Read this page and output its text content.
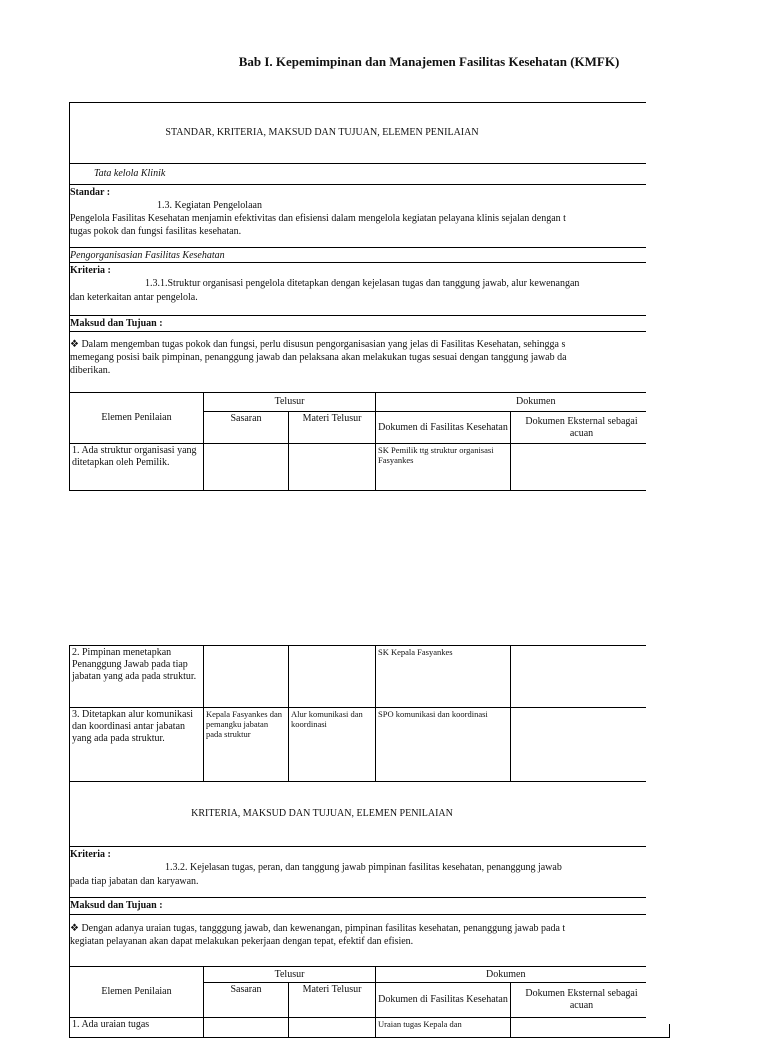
Bab I. Kepemimpinan dan Manajemen Fasilitas Kesehatan (KMFK)
STANDAR, KRITERIA, MAKSUD DAN TUJUAN, ELEMEN PENILAIAN
Tata kelola Klinik
Standar :
1.3. Kegiatan Pengelolaan
Pengelola Fasilitas Kesehatan menjamin efektivitas dan efisiensi dalam mengelola kegiatan pelayana klinis sejalan dengan t
tugas pokok dan fungsi fasilitas kesehatan.
Pengorganisasian Fasilitas Kesehatan
Kriteria :
1.3.1.Struktur organisasi pengelola ditetapkan dengan kejelasan tugas dan tanggung jawab, alur kewenangan
dan keterkaitan antar pengelola.
Maksud dan Tujuan :
❖ Dalam mengemban tugas pokok dan fungsi, perlu disusun pengorganisasian yang jelas di Fasilitas Kesehatan, sehingga s
memegang posisi baik pimpinan, penanggung jawab dan pelaksana akan melakukan tugas sesuai dengan tanggung jawab da
diberikan.
Elemen Penilaian	Telusur		Dokumen	
	Sasaran	Materi Telusur	Dokumen di Fasilitas Kesehatan	Dokumen Eksternal sebagai acuan

1. Ada struktur organisasi yang ditetapkan oleh Pemilik.			SK Pemilik ttg struktur organisasi Fasyankes	
2. Pimpinan menetapkan Penanggung Jawab pada tiap jabatan yang ada pada struktur.			SK Kepala Fasyankes	
3. Ditetapkan alur komunikasi dan koordinasi antar jabatan yang ada pada struktur.	Kepala Fasyankes dan pemangku jabatan pada struktur	Alur komunikasi dan koordinasi	SPO komunikasi dan koordinasi	
KRITERIA, MAKSUD DAN TUJUAN, ELEMEN PENILAIAN
Kriteria :
1.3.2. Kejelasan tugas, peran, dan tanggung jawab pimpinan fasilitas kesehatan, penanggung jawab
pada tiap jabatan dan karyawan.
Maksud dan Tujuan :
❖ Dengan adanya uraian tugas, tangggung jawab, dan kewenangan, pimpinan fasilitas kesehatan, penanggung jawab pada t
kegiatan pelayanan akan dapat melakukan pekerjaan dengan tepat, efektif dan efisien.
Elemen Penilaian	Telusur		Dokumen	
	Sasaran	Materi Telusur	Dokumen di Fasilitas Kesehatan	Dokumen Eksternal sebagai acuan

1. Ada uraian tugas			Uraian tugas Kepala dan	
